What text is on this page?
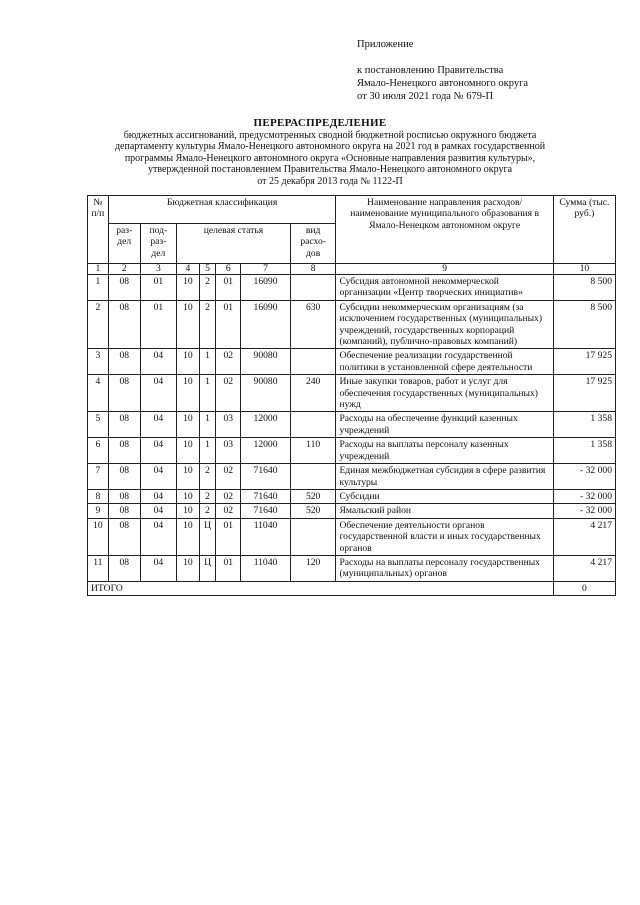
Приложение
к постановлению Правительства
Ямало-Ненецкого автономного округа
от 30 июля 2021 года № 679-П
ПЕРЕРАСПРЕДЕЛЕНИЕ
бюджетных ассигнований, предусмотренных сводной бюджетной росписью окружного бюджета
департаменту культуры Ямало-Ненецкого автономного округа на 2021 год в рамках государственной
программы Ямало-Ненецкого автономного округа «Основные направления развития культуры»,
утвержденной постановлением Правительства Ямало-Ненецкого автономного округа
от 25 декабря 2013 года № 1122-П
№ п/п	Бюджетная классификация							Наименование направления расходов/наименование муниципального образования в Ямало-Ненецком автономном округе	Сумма (тыс. руб.)
	раз-дел	под-раз-дел	целевая статья				вид расхо-дов		
1	2	3	4	5	6	7	8	9	10
1	08	01	10	2	01	16090		Субсидия автономной некоммерческой организации «Центр творческих инициатив»	8 500
2	08	01	10	2	01	16090	630	Субсидии некоммерческим организациям (за исключением государственных (муниципальных) учреждений, государственных корпораций (компаний), публично-правовых компаний)	8 500
3	08	04	10	1	02	90080		Обеспечение реализации государственной политики в установленной сфере деятельности	17 925
4	08	04	10	1	02	90080	240	Иные закупки товаров, работ и услуг для обеспечения государственных (муниципальных) нужд	17 925
5	08	04	10	1	03	12000		Расходы на обеспечение функций казенных учреждений	1 358
6	08	04	10	1	03	12000	110	Расходы на выплаты персоналу казенных учреждений	1 358
7	08	04	10	2	02	71640		Единая межбюджетная субсидия в сфере развития культуры	- 32 000
8	08	04	10	2	02	71640	520	Субсидии	- 32 000
9	08	04	10	2	02	71640	520	Ямальский район	- 32 000
10	08	04	10	Ц	01	11040		Обеспечение деятельности органов государственной власти и иных государственных органов	4 217
11	08	04	10	Ц	01	11040	120	Расходы на выплаты персоналу государственных (муниципальных) органов	4 217
ИТОГО									0
